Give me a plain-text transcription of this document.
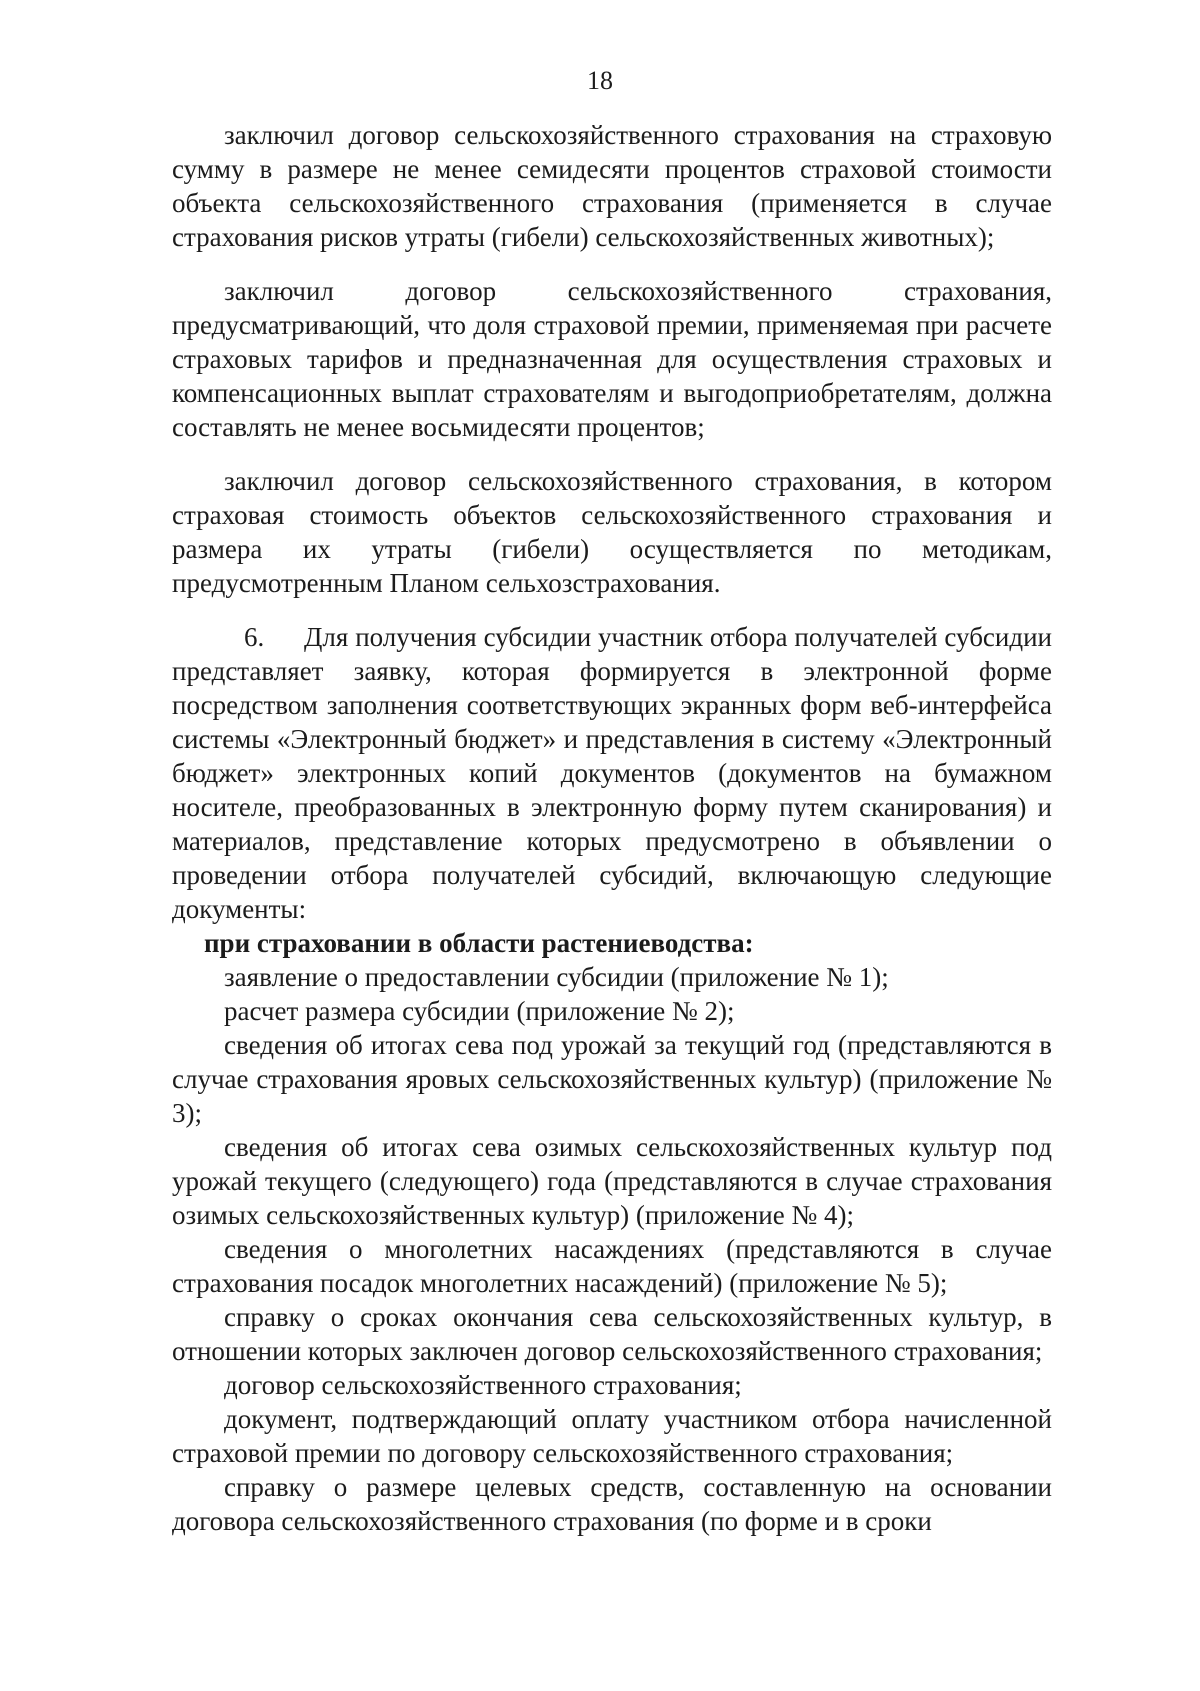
18

заключил договор сельскохозяйственного страхования на страховую сумму в размере не менее семидесяти процентов страховой стоимости объекта сельскохозяйственного страхования (применяется в случае страхования рисков утраты (гибели) сельскохозяйственных животных);

заключил договор сельскохозяйственного страхования, предусматривающий, что доля страховой премии, применяемая при расчете страховых тарифов и предназначенная для осуществления страховых и компенсационных выплат страхователям и выгодоприобретателям, должна составлять не менее восьмидесяти процентов;

заключил договор сельскохозяйственного страхования, в котором страховая стоимость объектов сельскохозяйственного страхования и размера их утраты (гибели) осуществляется по методикам, предусмотренным Планом сельхозстрахования.

6. Для получения субсидии участник отбора получателей субсидии представляет заявку, которая формируется в электронной форме посредством заполнения соответствующих экранных форм веб-интерфейса системы «Электронный бюджет» и представления в систему «Электронный бюджет» электронных копий документов (документов на бумажном носителе, преобразованных в электронную форму путем сканирования) и материалов, представление которых предусмотрено в объявлении о проведении отбора получателей субсидий, включающую следующие документы:

при страховании в области растениеводства:

заявление о предоставлении субсидии (приложение № 1);

расчет размера субсидии (приложение № 2);

сведения об итогах сева под урожай за текущий год (представляются в случае страхования яровых сельскохозяйственных культур) (приложение № 3);

сведения об итогах сева озимых сельскохозяйственных культур под урожай текущего (следующего) года (представляются в случае страхования озимых сельскохозяйственных культур) (приложение № 4);

сведения о многолетних насаждениях (представляются в случае страхования посадок многолетних насаждений) (приложение № 5);

справку о сроках окончания сева сельскохозяйственных культур, в отношении которых заключен договор сельскохозяйственного страхования;

договор сельскохозяйственного страхования;

документ, подтверждающий оплату участником отбора начисленной страховой премии по договору сельскохозяйственного страхования;

справку о размере целевых средств, составленную на основании договора сельскохозяйственного страхования (по форме и в сроки
